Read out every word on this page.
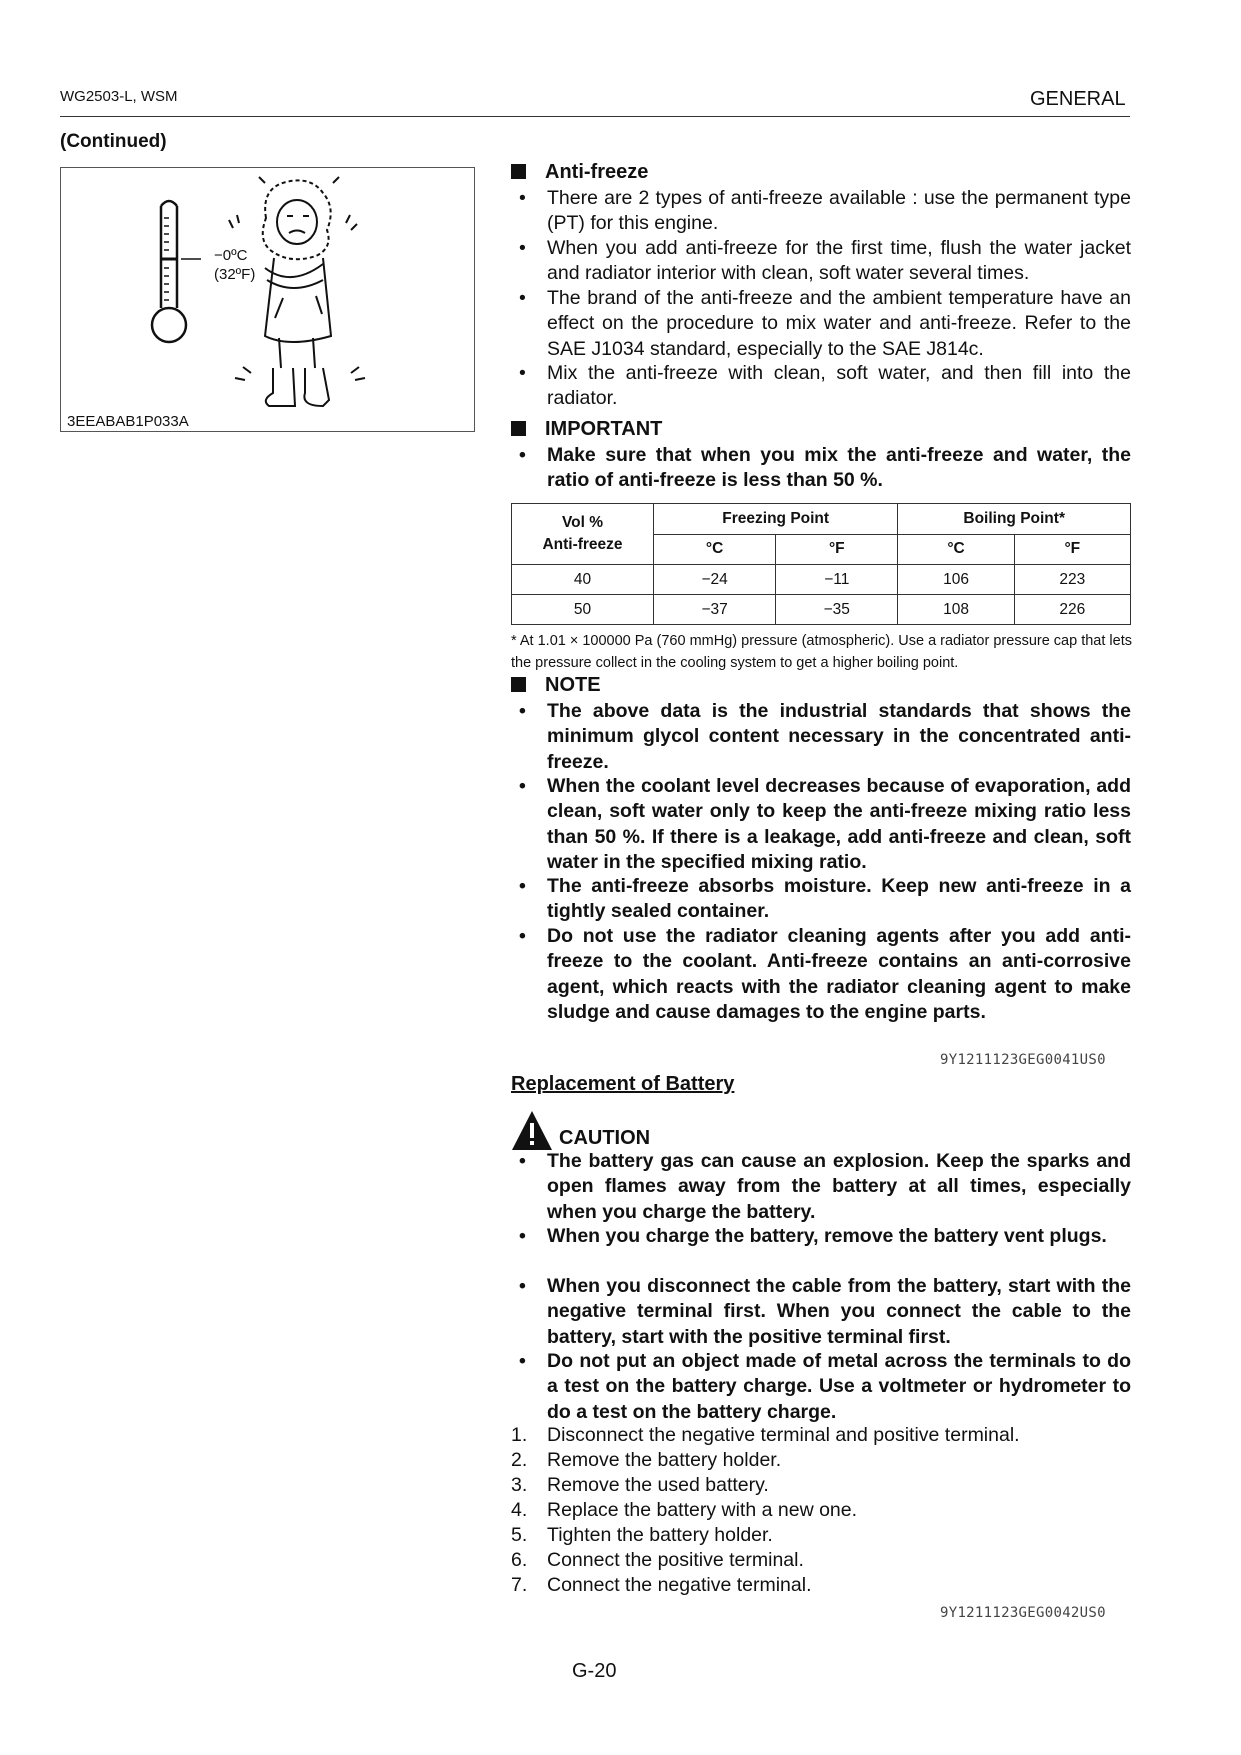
WG2503-L, WSM	GENERAL
(Continued)
−0ºC
(32ºF)
3EEABAB1P033A
Anti-freeze
• There are 2 types of anti-freeze available : use the permanent type (PT) for this engine.
• When you add anti-freeze for the first time, flush the water jacket and radiator interior with clean, soft water several times.
• The brand of the anti-freeze and the ambient temperature have an effect on the procedure to mix water and anti-freeze. Refer to the SAE J1034 standard, especially to the SAE J814c.
• Mix the anti-freeze with clean, soft water, and then fill into the radiator.
IMPORTANT
• Make sure that when you mix the anti-freeze and water, the ratio of anti-freeze is less than 50 %.
Vol %
Anti-freeze	Freezing Point		Boiling Point*	
	°C	°F	°C	°F
40	−24	−11	106	223
50	−37	−35	108	226
* At 1.01 × 100000 Pa (760 mmHg) pressure (atmospheric). Use a radiator pressure cap that lets the pressure collect in the cooling system to get a higher boiling point.
NOTE
• The above data is the industrial standards that shows the minimum glycol content necessary in the concentrated anti-freeze.
• When the coolant level decreases because of evaporation, add clean, soft water only to keep the anti-freeze mixing ratio less than 50 %. If there is a leakage, add anti-freeze and clean, soft water in the specified mixing ratio.
• The anti-freeze absorbs moisture. Keep new anti-freeze in a tightly sealed container.
• Do not use the radiator cleaning agents after you add anti-freeze to the coolant. Anti-freeze contains an anti-corrosive agent, which reacts with the radiator cleaning agent to make sludge and cause damages to the engine parts.
9Y1211123GEG0041US0
Replacement of Battery
CAUTION
• The battery gas can cause an explosion. Keep the sparks and open flames away from the battery at all times, especially when you charge the battery.
• When you charge the battery, remove the battery vent plugs.
• When you disconnect the cable from the battery, start with the negative terminal first. When you connect the cable to the battery, start with the positive terminal first.
• Do not put an object made of metal across the terminals to do a test on the battery charge. Use a voltmeter or hydrometer to do a test on the battery charge.
1. Disconnect the negative terminal and positive terminal.
2. Remove the battery holder.
3. Remove the used battery.
4. Replace the battery with a new one.
5. Tighten the battery holder.
6. Connect the positive terminal.
7. Connect the negative terminal.
9Y1211123GEG0042US0
G-20
